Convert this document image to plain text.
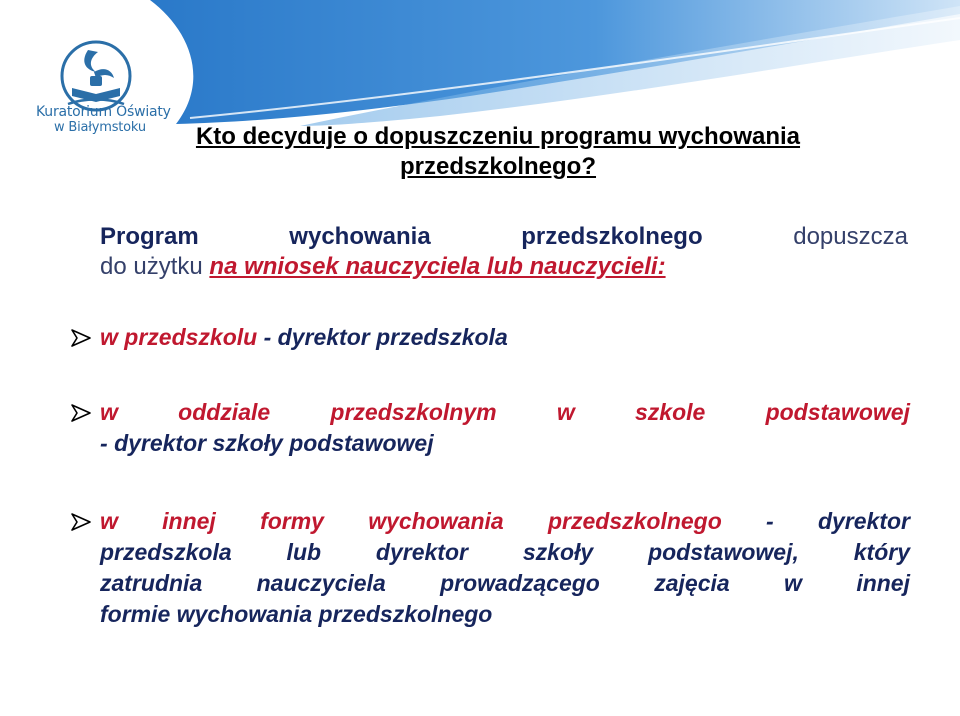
Kuratorium Oświaty
w Białymstoku	Kto decyduje o dopuszczeniu programu wychowania przedszkolnego?
Program	wychowania	przedszkolnego	dopuszcza
do użytku na wniosek nauczyciela lub nauczycieli:
w przedszkolu - dyrektor przedszkola
w oddziale przedszkolnym w szkole podstawowej
- dyrektor szkoły podstawowej
w innej formy wychowania przedszkolnego - dyrektor
przedszkola lub dyrektor szkoły podstawowej, który
zatrudnia nauczyciela prowadzącego zajęcia w innej
formie wychowania przedszkolnego
